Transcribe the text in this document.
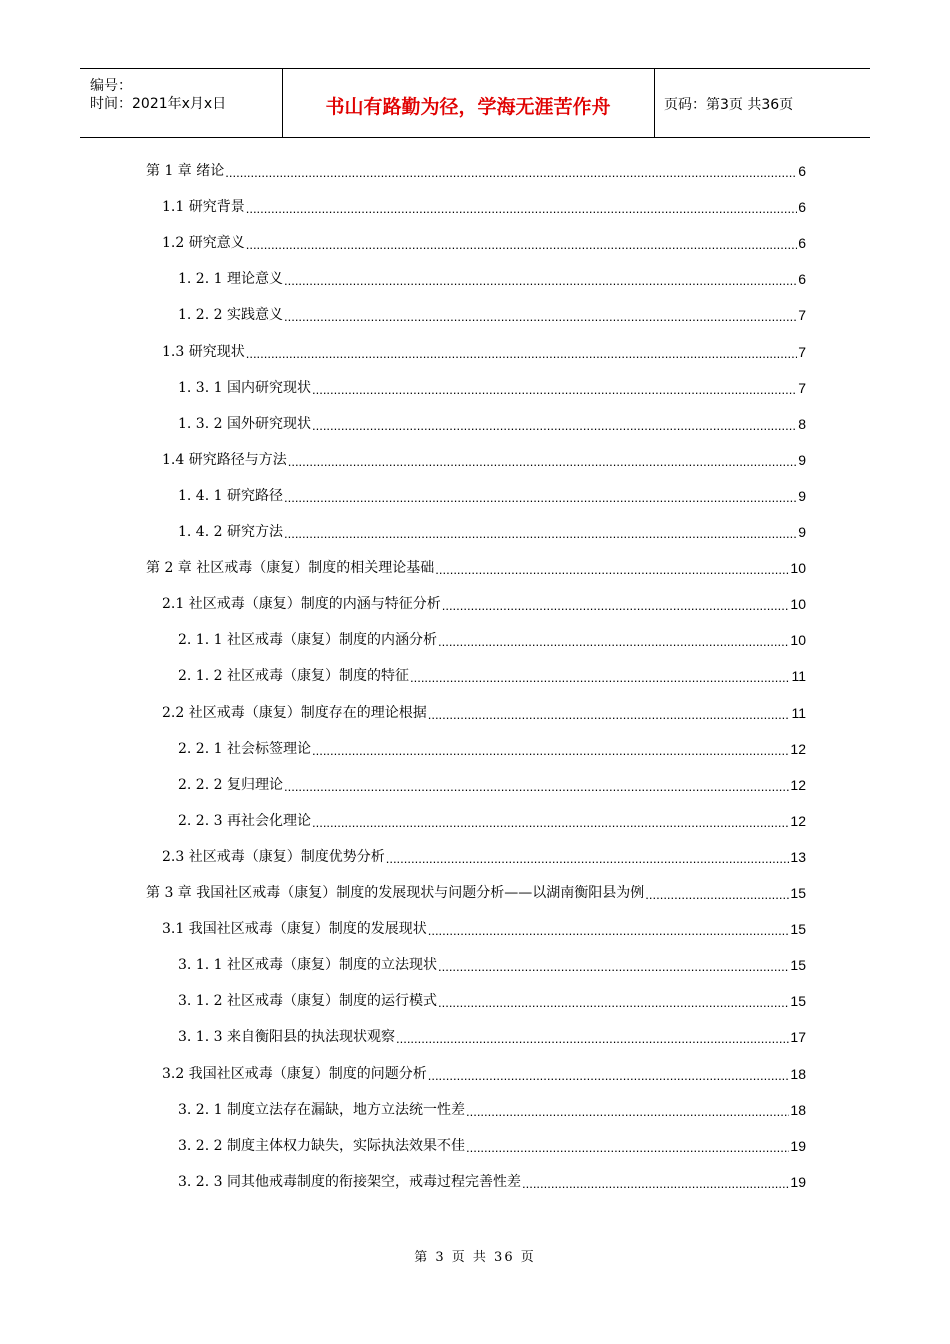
编号：
时间：2021年x月x日	书山有路勤为径，学海无涯苦作舟	页码：第3页 共36页
第 1 章 绪论 .....	6
1.1 研究背景 .....	6
1.2 研究意义 .....	6
1. 2. 1 理论意义 .....	6
1. 2. 2 实践意义 .....	7
1.3 研究现状 .....	7
1. 3. 1 国内研究现状 .....	7
1. 3. 2 国外研究现状 .....	8
1.4 研究路径与方法 .....	9
1. 4. 1 研究路径 .....	9
1. 4. 2 研究方法 .....	9
第 2 章 社区戒毒（康复）制度的相关理论基础 .....	10
2.1 社区戒毒（康复）制度的内涵与特征分析 .....	10
2. 1. 1 社区戒毒（康复）制度的内涵分析 .....	10
2. 1. 2 社区戒毒（康复）制度的特征 .....	11
2.2 社区戒毒（康复）制度存在的理论根据 .....	11
2. 2. 1 社会标签理论 .....	12
2. 2. 2 复归理论 .....	12
2. 2. 3 再社会化理论 .....	12
2.3 社区戒毒（康复）制度优势分析 .....	13
第 3 章 我国社区戒毒（康复）制度的发展现状与问题分析——以湖南衡阳县为例 .....	15
3.1 我国社区戒毒（康复）制度的发展现状 .....	15
3. 1. 1 社区戒毒（康复）制度的立法现状 .....	15
3. 1. 2 社区戒毒（康复）制度的运行模式 .....	15
3. 1. 3 来自衡阳县的执法现状观察 .....	17
3.2 我国社区戒毒（康复）制度的问题分析 .....	18
3. 2. 1 制度立法存在漏缺，地方立法统一性差 .....	18
3. 2. 2 制度主体权力缺失，实际执法效果不佳 .....	19
3. 2. 3 同其他戒毒制度的衔接架空，戒毒过程完善性差 .....	19
第 3 页 共 36 页
